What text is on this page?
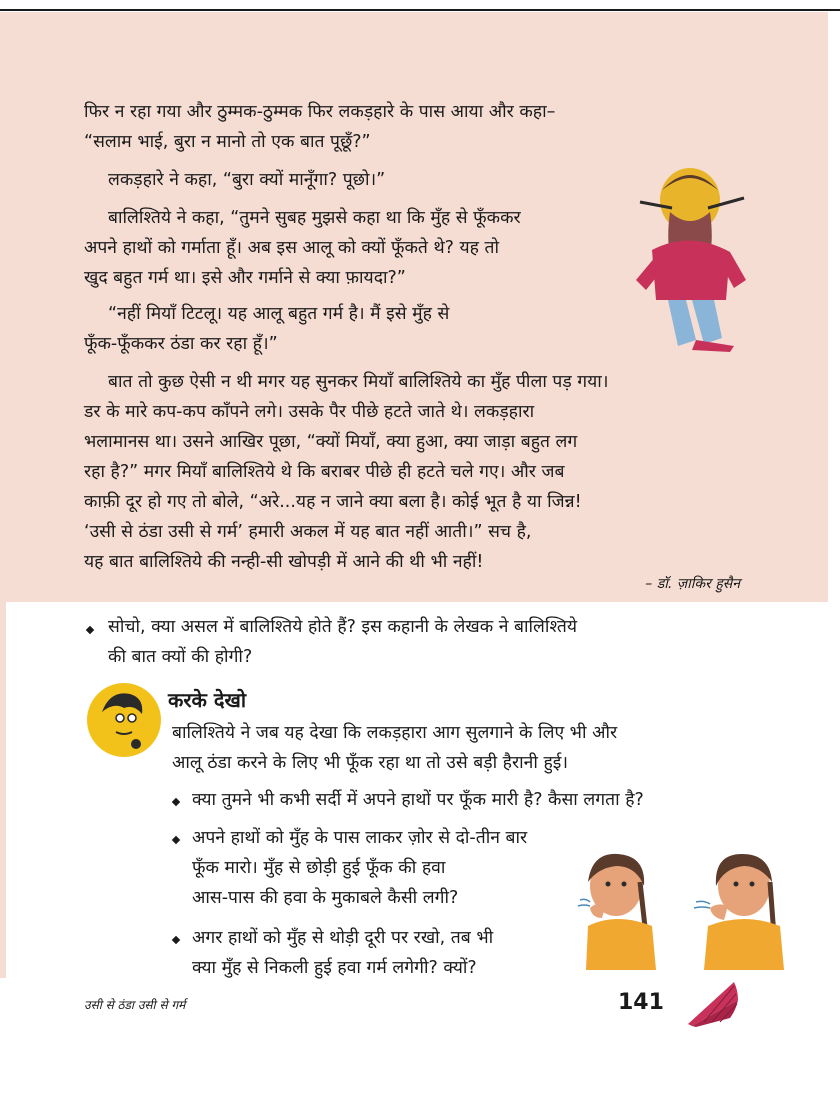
फिर न रहा गया और ठुम्मक-ठुम्मक फिर लकड़हारे के पास आया और कहा–
“सलाम भाई, बुरा न मानो तो एक बात पूछूँ?”
लकड़हारे ने कहा, “बुरा क्यों मानूँगा? पूछो।”
बालिश्तिये ने कहा, “तुमने सुबह मुझसे कहा था कि मुँह से फूँककर
अपने हाथों को गर्माता हूँ। अब इस आलू को क्यों फूँकते थे? यह तो
खुद बहुत गर्म था। इसे और गर्माने से क्या फ़ायदा?”
“नहीं मियाँ टिटलू। यह आलू बहुत गर्म है। मैं इसे मुँह से
फूँक-फूँककर ठंडा कर रहा हूँ।”
बात तो कुछ ऐसी न थी मगर यह सुनकर मियाँ बालिश्तिये का मुँह पीला पड़ गया।
डर के मारे कप-कप काँपने लगे। उसके पैर पीछे हटते जाते थे। लकड़हारा
भलामानस था। उसने आखिर पूछा, “क्यों मियाँ, क्या हुआ, क्या जाड़ा बहुत लग
रहा है?” मगर मियाँ बालिश्तिये थे कि बराबर पीछे ही हटते चले गए। और जब
काफ़ी दूर हो गए तो बोले, “अरे...यह न जाने क्या बला है। कोई भूत है या जिन्न!
‘उसी से ठंडा उसी से गर्म’ हमारी अकल में यह बात नहीं आती।” सच है,
यह बात बालिश्तिये की नन्ही-सी खोपड़ी में आने की थी भी नहीं!
– डॉ. ज़ाकिर हुसैन
सोचो, क्या असल में बालिश्तिये होते हैं? इस कहानी के लेखक ने बालिश्तिये
की बात क्यों की होगी?
करके देखो
बालिश्तिये ने जब यह देखा कि लकड़हारा आग सुलगाने के लिए भी और
आलू ठंडा करने के लिए भी फूँक रहा था तो उसे बड़ी हैरानी हुई।
क्या तुमने भी कभी सर्दी में अपने हाथों पर फूँक मारी है? कैसा लगता है?
अपने हाथों को मुँह के पास लाकर ज़ोर से दो-तीन बार
फूँक मारो। मुँह से छोड़ी हुई फूँक की हवा
आस-पास की हवा के मुकाबले कैसी लगी?
अगर हाथों को मुँह से थोड़ी दूरी पर रखो, तब भी
क्या मुँह से निकली हुई हवा गर्म लगेगी? क्यों?
उसी से ठंडा उसी से गर्म	141
